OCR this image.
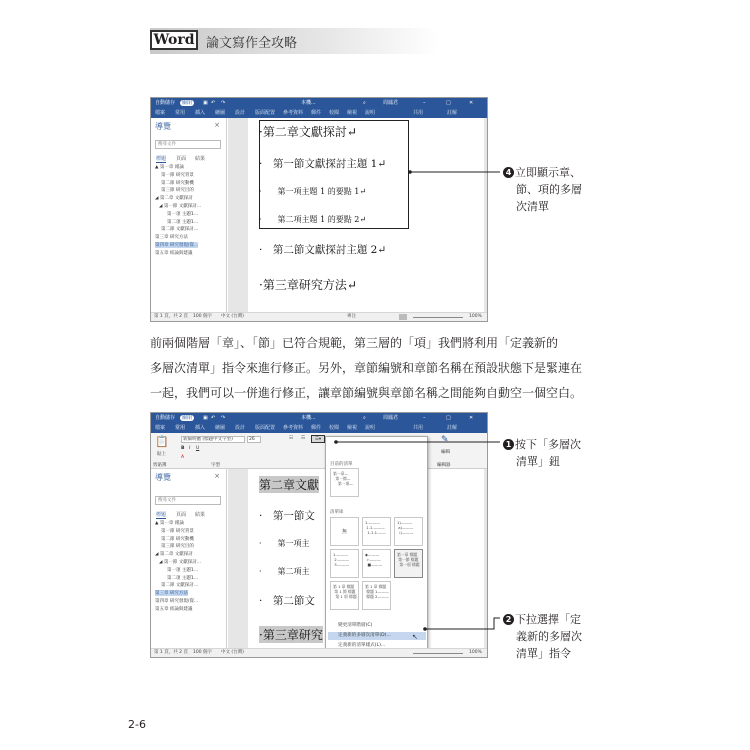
Word 論文寫作全攻略
自動儲存	關閉	▣ ↶ ↷	本機...	⌕	周鳳君	–	□	✕
檔案 常用 插入 繪圖 設計 版面配置 參考資料 郵件 校閱 檢視 說明	共用	註解
導覽	×
搜尋文件
標題 頁面 結果
▲ 第一章 緒論
第一節 研究背景
第二節 研究動機
第三節 研究目的
◢ 第二章 文獻探討
◢ 第一節 文獻探討...
第一項 主題1...
第二項 主題1...
第二節 文獻探討...
第三章 研究方法
第四章 研究發現/資...
第五章 結論與建議
·第二章文獻探討↵
·　第一節文獻探討主題 1↵
·　　第一項主題 1 的要點 1↵
·　　第二項主題 1 的要點 2↵
·　第二節文獻探討主題 2↵
·第三章研究方法↵
第 1 頁，共 2 頁 100 個字 中文 (台灣)	專注	100%
4 立即顯示章、
節、項的多層
次清單

前兩個階層「章」、「節」已符合規範，第三層的「項」我們將利用「定義新的

多層次清單」指令來進行修正。另外，章節編號和章節名稱在預設狀態下是緊連在

一起，我們可以一併進行修正，讓章節編號與章節名稱之間能夠自動空一個空白。

自動儲存	關閉	▣ ↶ ↷	本機...	⌕	周鳳君	–	□	✕
檔案 常用 插入 繪圖 設計 版面配置 參考資料 郵件 校閱 檢視 說明	共用	註解
📋
貼上
剪貼簿
新細明體 (標題中文字型)	26
B I U
A
字型
☰▾
☷ ☶	✎
編輯
編輯器
導覽	×
搜尋文件
標題 頁面 結果
▲ 第一章 緒論
第一節 研究背景
第二節 研究動機
第三節 研究目的
◢ 第二章 文獻探討
◢ 第一節 文獻探討...
第一項 主題1...
第二項 主題1...
第二節 文獻探討...
第三章 研究方法
第四章 研究發現/資...
第五章 結論與建議
第二章文獻
·　第一節文
·　　第一項主
·　　第二項主
·　第二節文
·第三章研究
目前的清單
第一章—
第一節—
第一項—
清單庫
無
1.———
1.1.———
1.1.1.——
1)———
a)———
i)———
1.———
2.———
3.———
◆———
➢———
■———
第一章 標題
第一節 標題
第一項 標題
第 1 章 標題
第 1 節 標題
第 1 項 標題
第 1 章 標題
標題 1———
標題 2———
變更清單階層(C)
定義新的多層次清單(D)...
定義新的清單樣式(L)...
↖
第 1 頁，共 2 頁 100 個字 中文 (台灣)	100%
1 按下「多層次
清單」鈕
2 下拉選擇「定
義新的多層次
清單」指令
2-6
